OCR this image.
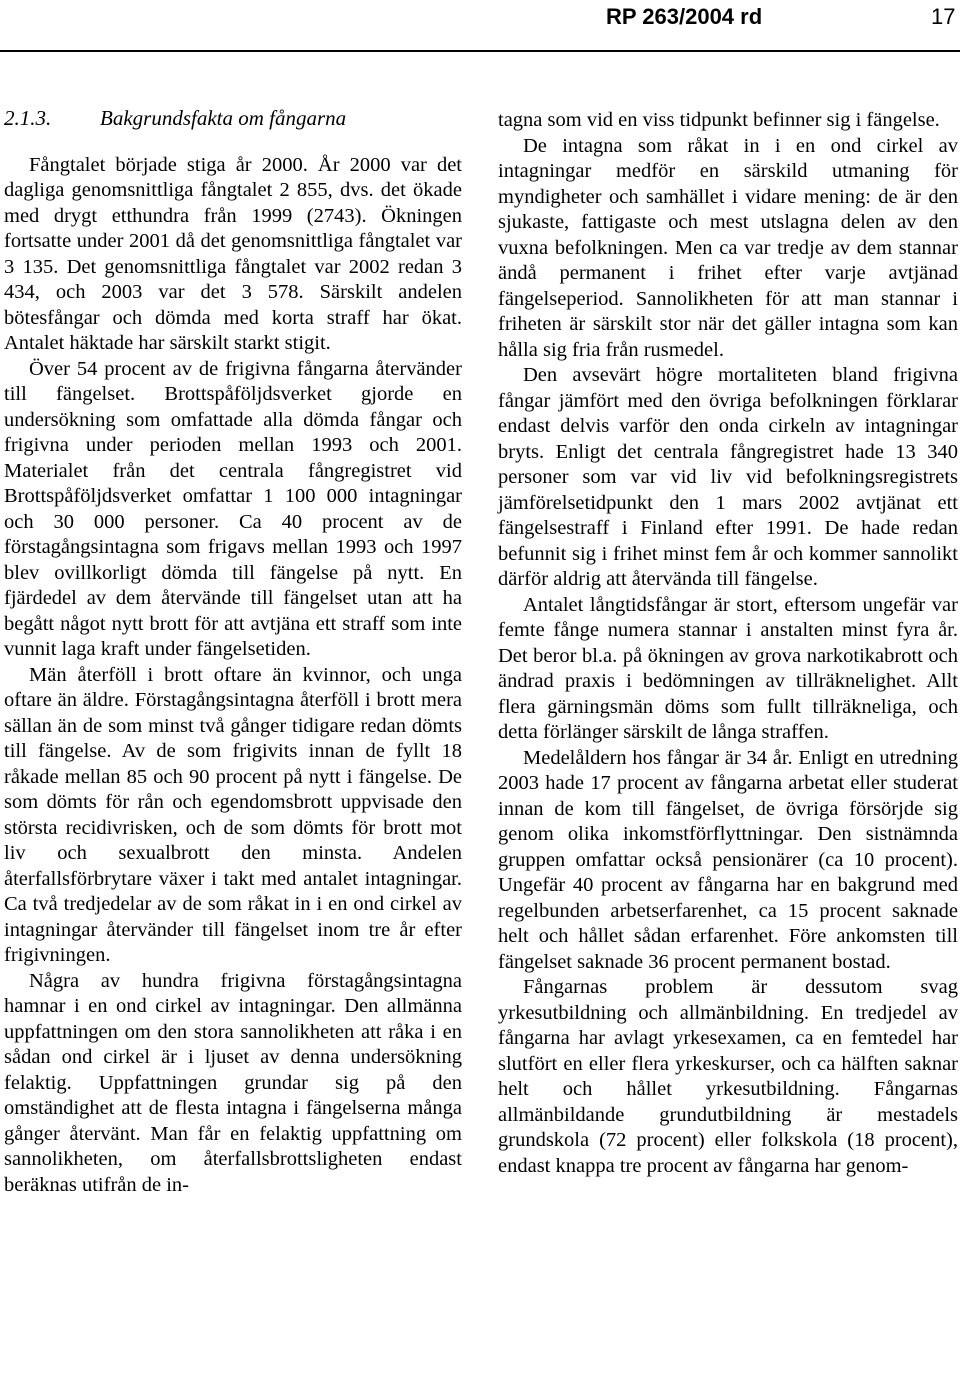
RP 263/2004 rd	17
2.1.3. Bakgrundsfakta om fångarna

Fångtalet började stiga år 2000. År 2000 var det dagliga genomsnittliga fångtalet 2 855, dvs. det ökade med drygt etthundra från 1999 (2743). Ökningen fortsatte under 2001 då det genomsnittliga fångtalet var 3 135. Det genomsnittliga fångtalet var 2002 redan 3 434, och 2003 var det 3 578. Särskilt andelen bötesfångar och dömda med korta straff har ökat. Antalet häktade har särskilt starkt stigit.

Över 54 procent av de frigivna fångarna återvänder till fängelset. Brottspåföljdsverket gjorde en undersökning som omfattade alla dömda fångar och frigivna under perioden mellan 1993 och 2001. Materialet från det centrala fångregistret vid Brottspåföljdsverket omfattar 1 100 000 intagningar och 30 000 personer. Ca 40 procent av de förstagångsintagna som frigavs mellan 1993 och 1997 blev ovillkorligt dömda till fängelse på nytt. En fjärdedel av dem återvände till fängelset utan att ha begått något nytt brott för att avtjäna ett straff som inte vunnit laga kraft under fängelsetiden.

Män återföll i brott oftare än kvinnor, och unga oftare än äldre. Förstagångsintagna återföll i brott mera sällan än de som minst två gånger tidigare redan dömts till fängelse. Av de som frigivits innan de fyllt 18 råkade mellan 85 och 90 procent på nytt i fängelse. De som dömts för rån och egendomsbrott uppvisade den största recidivrisken, och de som dömts för brott mot liv och sexualbrott den minsta. Andelen återfallsförbrytare växer i takt med antalet intagningar. Ca två tredjedelar av de som råkat in i en ond cirkel av intagningar återvänder till fängelset inom tre år efter frigivningen.

Några av hundra frigivna förstagångsintagna hamnar i en ond cirkel av intagningar. Den allmänna uppfattningen om den stora sannolikheten att råka i en sådan ond cirkel är i ljuset av denna undersökning felaktig. Uppfattningen grundar sig på den omständighet att de flesta intagna i fängelserna många gånger återvänt. Man får en felaktig uppfattning om sannolikheten, om återfallsbrottsligheten endast beräknas utifrån de in-

tagna som vid en viss tidpunkt befinner sig i fängelse.

De intagna som råkat in i en ond cirkel av intagningar medför en särskild utmaning för myndigheter och samhället i vidare mening: de är den sjukaste, fattigaste och mest utslagna delen av den vuxna befolkningen. Men ca var tredje av dem stannar ändå permanent i frihet efter varje avtjänad fängelseperiod. Sannolikheten för att man stannar i friheten är särskilt stor när det gäller intagna som kan hålla sig fria från rusmedel.

Den avsevärt högre mortaliteten bland frigivna fångar jämfört med den övriga befolkningen förklarar endast delvis varför den onda cirkeln av intagningar bryts. Enligt det centrala fångregistret hade 13 340 personer som var vid liv vid befolkningsregistrets jämförelsetidpunkt den 1 mars 2002 avtjänat ett fängelsestraff i Finland efter 1991. De hade redan befunnit sig i frihet minst fem år och kommer sannolikt därför aldrig att återvända till fängelse.

Antalet långtidsfångar är stort, eftersom ungefär var femte fånge numera stannar i anstalten minst fyra år. Det beror bl.a. på ökningen av grova narkotikabrott och ändrad praxis i bedömningen av tillräknelighet. Allt flera gärningsmän döms som fullt tillräkneliga, och detta förlänger särskilt de långa straffen.

Medelåldern hos fångar är 34 år. Enligt en utredning 2003 hade 17 procent av fångarna arbetat eller studerat innan de kom till fängelset, de övriga försörjde sig genom olika inkomstförflyttningar. Den sistnämnda gruppen omfattar också pensionärer (ca 10 procent). Ungefär 40 procent av fångarna har en bakgrund med regelbunden arbetserfarenhet, ca 15 procent saknade helt och hållet sådan erfarenhet. Före ankomsten till fängelset saknade 36 procent permanent bostad.

Fångarnas problem är dessutom svag yrkesutbildning och allmänbildning. En tredjedel av fångarna har avlagt yrkesexamen, ca en femtedel har slutfört en eller flera yrkeskurser, och ca hälften saknar helt och hållet yrkesutbildning. Fångarnas allmänbildande grundutbildning är mestadels grundskola (72 procent) eller folkskola (18 procent), endast knappa tre procent av fångarna har genom-
